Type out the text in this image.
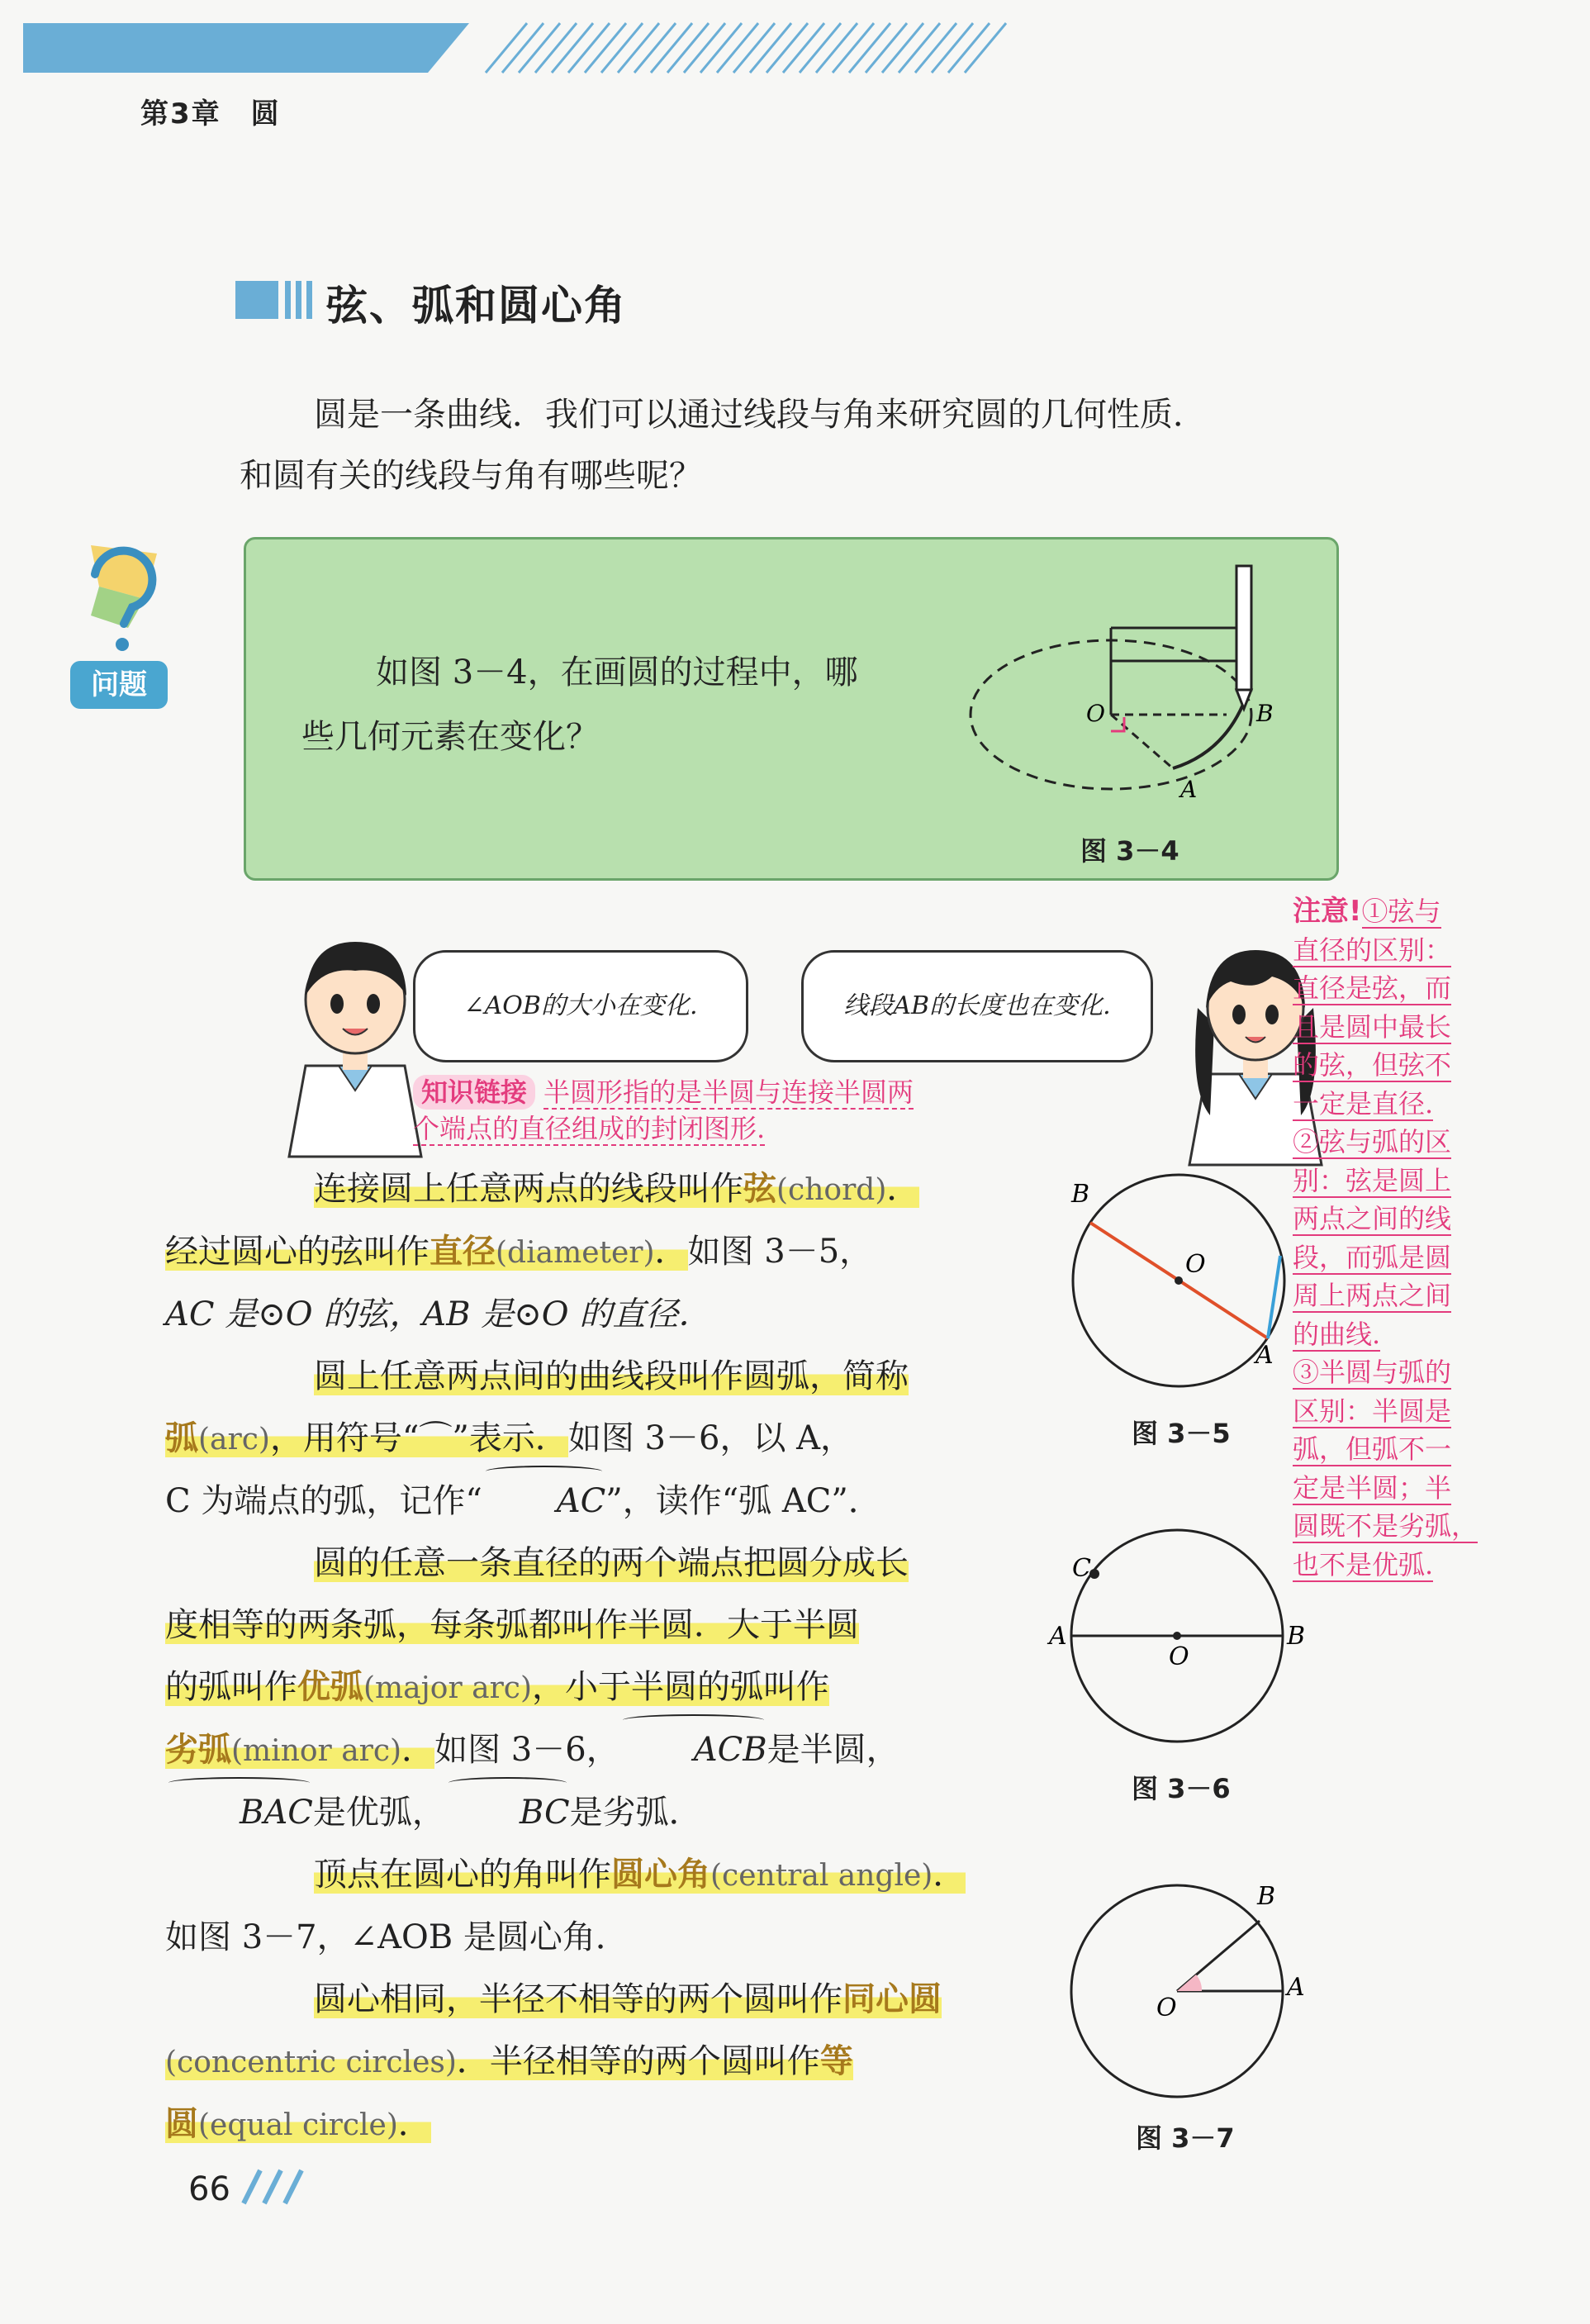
第3章　圆
弦、弧和圆心角

圆是一条曲线．我们可以通过线段与角来研究圆的几何性质．

和圆有关的线段与角有哪些呢？

问题	如图 3－4，在画圆的过程中，哪

些几何元素在变化？

O	B
A
图 3－4
∠AOB的大小在变化.	线段AB的长度也在变化.
知识链接 半圆形指的是半圆与连接半圆两
个端点的直径组成的封闭图形.
注意!①弦与
直径的区别：
直径是弦，而
且是圆中最长
的弦，但弦不
一定是直径.
②弦与弧的区
别：弦是圆上
两点之间的线
段，而弧是圆
周上两点之间
的曲线.
③半圆与弧的
区别：半圆是
弧，但弧不一
定是半圆；半
圆既不是劣弧，
也不是优弧.

连接圆上任意两点的线段叫作弦(chord)．
经过圆心的弦叫作直径(diameter)．如图 3－5，
AC 是⊙O 的弦，AB 是⊙O 的直径．

圆上任意两点间的曲线段叫作圆弧，简称
弧(arc)，用符号“⌒”表示．如图 3－6，以 A，
C 为端点的弧，记作“ AC”，读作“弧 AC”．

圆的任意一条直径的两个端点把圆分成长
度相等的两条弧，每条弧都叫作半圆．大于半圆
的弧叫作优弧(major arc)，小于半圆的弧叫作
劣弧(minor arc)．如图 3－6， ACB是半圆，
BAC是优弧， BC是劣弧．

顶点在圆心的角叫作圆心角(central angle)．
如图 3－7，∠AOB 是圆心角．

圆心相同，半径不相等的两个圆叫作同心圆
(concentric circles)．半径相等的两个圆叫作等
圆(equal circle)．

B
O
A
图 3－5
C
A
O
B
图 3－6
O
A
B
图 3－7
66
